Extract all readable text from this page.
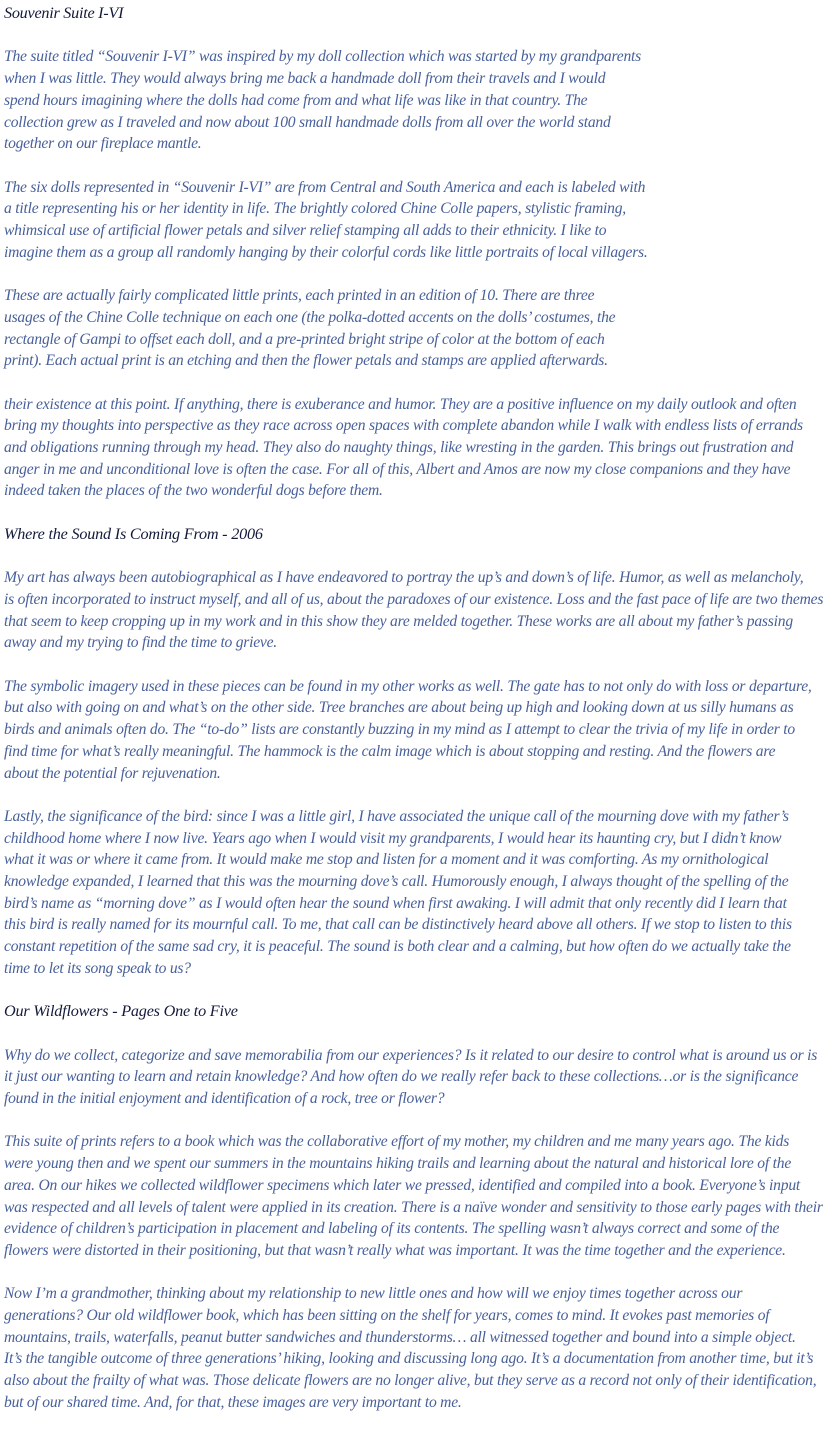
Souvenir Suite I-VI
The suite titled “Souvenir I-VI” was inspired by my doll collection which was started by my grandparents
when I was little. They would always bring me back a handmade doll from their travels and I would
spend hours imagining where the dolls had come from and what life was like in that country. The
collection grew as I traveled and now about 100 small handmade dolls from all over the world stand
together on our fireplace mantle.
The six dolls represented in “Souvenir I-VI” are from Central and South America and each is labeled with
a title representing his or her identity in life. The brightly colored Chine Colle papers, stylistic framing,
whimsical use of artificial flower petals and silver relief stamping all adds to their ethnicity. I like to
imagine them as a group all randomly hanging by their colorful cords like little portraits of local villagers.
These are actually fairly complicated little prints, each printed in an edition of 10. There are three
usages of the Chine Colle technique on each one (the polka-dotted accents on the dolls’ costumes, the
rectangle of Gampi to offset each doll, and a pre-printed bright stripe of color at the bottom of each
print). Each actual print is an etching and then the flower petals and stamps are applied afterwards.
their existence at this point. If anything, there is exuberance and humor. They are a positive influence on my daily outlook and often
bring my thoughts into perspective as they race across open spaces with complete abandon while I walk with endless lists of errands
and obligations running through my head. They also do naughty things, like wresting in the garden. This brings out frustration and
anger in me and unconditional love is often the case. For all of this, Albert and Amos are now my close companions and they have
indeed taken the places of the two wonderful dogs before them.
Where the Sound Is Coming From - 2006
My art has always been autobiographical as I have endeavored to portray the up’s and down’s of life. Humor, as well as melancholy,
is often incorporated to instruct myself, and all of us, about the paradoxes of our existence. Loss and the fast pace of life are two themes
that seem to keep cropping up in my work and in this show they are melded together. These works are all about my father’s passing
away and my trying to find the time to grieve.
The symbolic imagery used in these pieces can be found in my other works as well. The gate has to not only do with loss or departure,
but also with going on and what’s on the other side. Tree branches are about being up high and looking down at us silly humans as
birds and animals often do. The “to-do” lists are constantly buzzing in my mind as I attempt to clear the trivia of my life in order to
find time for what’s really meaningful. The hammock is the calm image which is about stopping and resting. And the flowers are
about the potential for rejuvenation.
Lastly, the significance of the bird: since I was a little girl, I have associated the unique call of the mourning dove with my father’s
childhood home where I now live. Years ago when I would visit my grandparents, I would hear its haunting cry, but I didn’t know
what it was or where it came from. It would make me stop and listen for a moment and it was comforting. As my ornithological
knowledge expanded, I learned that this was the mourning dove’s call. Humorously enough, I always thought of the spelling of the
bird’s name as “morning dove” as I would often hear the sound when first awaking. I will admit that only recently did I learn that
this bird is really named for its mournful call. To me, that call can be distinctively heard above all others. If we stop to listen to this
constant repetition of the same sad cry, it is peaceful. The sound is both clear and a calming, but how often do we actually take the
time to let its song speak to us?
Our Wildflowers - Pages One to Five
Why do we collect, categorize and save memorabilia from our experiences? Is it related to our desire to control what is around us or is
it just our wanting to learn and retain knowledge? And how often do we really refer back to these collections…or is the significance
found in the initial enjoyment and identification of a rock, tree or flower?
This suite of prints refers to a book which was the collaborative effort of my mother, my children and me many years ago. The kids
were young then and we spent our summers in the mountains hiking trails and learning about the natural and historical lore of the
area. On our hikes we collected wildflower specimens which later we pressed, identified and compiled into a book. Everyone’s input
was respected and all levels of talent were applied in its creation. There is a naïve wonder and sensitivity to those early pages with their
evidence of children’s participation in placement and labeling of its contents. The spelling wasn’t always correct and some of the
flowers were distorted in their positioning, but that wasn’t really what was important. It was the time together and the experience.
Now I’m a grandmother, thinking about my relationship to new little ones and how will we enjoy times together across our
generations? Our old wildflower book, which has been sitting on the shelf for years, comes to mind. It evokes past memories of
mountains, trails, waterfalls, peanut butter sandwiches and thunderstorms… all witnessed together and bound into a simple object.
It’s the tangible outcome of three generations’ hiking, looking and discussing long ago. It’s a documentation from another time, but it’s
also about the frailty of what was. Those delicate flowers are no longer alive, but they serve as a record not only of their identification,
but of our shared time. And, for that, these images are very important to me.
